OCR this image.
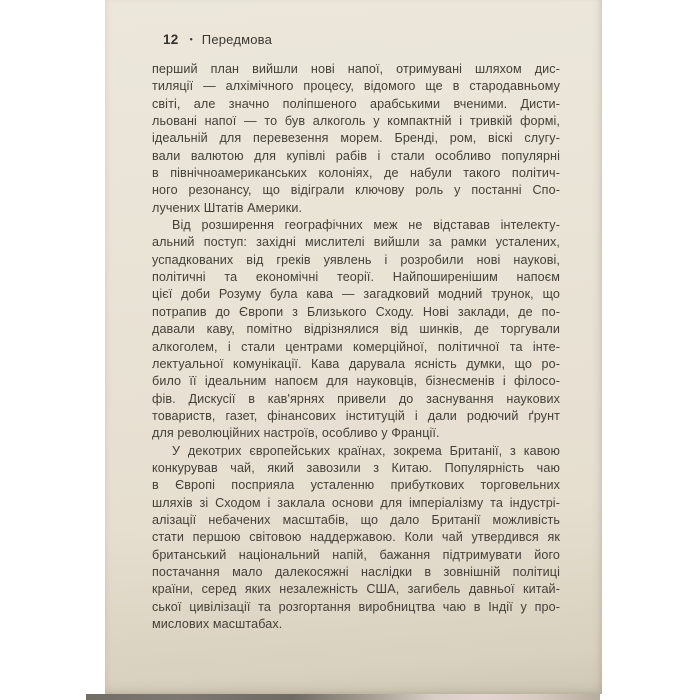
12 • Передмова
перший план вийшли нові напої, отримувані шляхом дис-
тиляції — алхімічного процесу, відомого ще в стародавньому
світі, але значно поліпшеного арабськими вченими. Дисти-
льовані напої — то був алкоголь у компактній і тривкій формі,
ідеальній для перевезення морем. Бренді, ром, віскі слугу-
вали валютою для купівлі рабів і стали особливо популярні
в північноамериканських колоніях, де набули такого політич-
ного резонансу, що відіграли ключову роль у постанні Спо-
лучених Штатів Америки.
Від розширення географічних меж не відставав інтелекту-
альний поступ: західні мислителі вийшли за рамки усталених,
успадкованих від греків уявлень і розробили нові наукові,
політичні та економічні теорії. Найпоширенішим напоєм
цієї доби Розуму була кава — загадковий модний трунок, що
потрапив до Європи з Близького Сходу. Нові заклади, де по-
давали каву, помітно відрізнялися від шинків, де торгували
алкоголем, і стали центрами комерційної, політичної та інте-
лектуальної комунікації. Кава дарувала ясність думки, що ро-
било її ідеальним напоєм для науковців, бізнесменів і філосо-
фів. Дискусії в кав'ярнях привели до заснування наукових
товариств, газет, фінансових інституцій і дали родючий ґрунт
для революційних настроїв, особливо у Франції.
У декотрих європейських країнах, зокрема Британії, з кавою
конкурував чай, який завозили з Китаю. Популярність чаю
в Європі посприяла усталенню прибуткових торговельних
шляхів зі Сходом і заклала основи для імперіалізму та індустрі-
алізації небачених масштабів, що дало Британії можливість
стати першою світовою наддержавою. Коли чай утвердився як
британський національний напій, бажання підтримувати його
постачання мало далекосяжні наслідки в зовнішній політиці
країни, серед яких незалежність США, загибель давньої китай-
ської цивілізації та розгортання виробництва чаю в Індії у про-
мислових масштабах.
